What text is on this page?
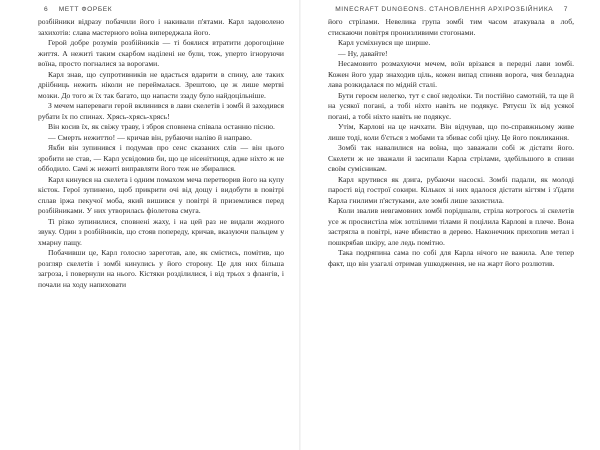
6 МЕТТ ФОРБЕК

розбійники відразу побачили його і накивали п'ятами. Карл задоволено захихотів: слава мастерного воїна випереджала його.

Герой добре розумів розбійників — ті боялися втратити дорогоцінне життя. А нежиті таким скарбом наділені не були, тож, уперто ігноруючи воїна, просто погналися за ворогами.

Карл знав, що супротивників не вдасться вдарити в спину, але таких дріібниць нежить ніколи не переймалася. Зрештою, це ж лише мертві мозки. До того ж їх так багато, що напасти ззаду було найдоцільніше.

З мечем напереваги герой вклинився в лави скелетів і зомбі й заходився рубати їх по спинах. Хрясь-хрясь-хрясь!

Він косив їх, як свіжу траву, і зброя сповнена співала останню пісню.

— Смерть нежиттю! — кричав він, рубаючи наліво й направо.

Якби він зупинився і подумав про сенс сказаних слів — він цього зробити не став, — Карл усвідомив би, що це нісенітниця, адже ніхто ж не оббодило. Самі ж нежиті виправляти його теж не збиралися.

Карл кинувся на скелета і одним помахом меча перетворив його на купу кісток. Герої зупинено, щоб прикрити очі від дощу і видобути в повітрі сплав іржа пекучої моба, який вишився у повітрі й приземлився перед розбійниками. У них утворилась фіолетова смуга.

Ті різко зупинилися, сповнені жаху, і на цей раз не видали жодного звуку. Один з розбійників, що стояв попереду, кричав, вказуючи пальцем у хмарну пащу.

Побачивши це, Карл голосно зареготав, але, як смієтись, помітив, що розгляр скелетів і зомбі кинулись у його сторону. Це для них більша загроза, і повернули на нього. Кістяки розділилися, і від трьох з флангів, і почали на ходу напиховати

MINECRAFT DUNGEONS. СТАНОВЛЕННЯ АРХІРОЗБІЙНИКА 7

його стрілами. Невелика група зомбі тим часом атакувала в лоб, стискаючи повітря пронизливими стогонами.

Карл усміхнувся ще ширше.

— Ну, давайте!

Несамовито розмахуючи мечем, воїн врізався в передні лави зомбі. Кожен його удар знаходив ціль, кожен випад спиняв ворога, чия безладна лава розкидалася по мідній сталі.

Бути героєм нелегко, тут є свої недоліки. Ти постійно самотній, та ще й на усякої погані, а тобі ніхто навіть не подякує. Рятуєш їх від усякої погані, а тобі ніхто навіть не подякує.

Утім, Карлові на це начхати. Він відчував, що по-справжньому живе лише тоді, коли б'ється з мобами та збиває собі ціну. Це його покликання.

Зомбі так навалилися на воїна, що заважали собі ж дістати його. Скелети ж не зважали й засипали Карла стрілами, здебільшого в спини своїм сумісникам.

Карл крутився як дзига, рубаючи насоскі. Зомбі падали, як молоді парості від гострої сокири. Кількох зі них вдалося дістати кігтям і з'їдати Карла гнилими п'ястуками, але зомбі лише захистила.

Коли звалив невгамовних зомбі порідшали, стріла котрогось зі скелетів усе ж просвистіла між зотлілими тілами й поцілила Карлові в плече. Вона застрягла в повітрі, наче вбивство в дерево. Наконечник прихопив метал і пошкрябав шкіру, але ледь помітно.

Така подряпина сама по собі для Карла нічого не важила. Але тепер факт, що він узагалі отримав ушкодження, не на жарт його розлютив.
